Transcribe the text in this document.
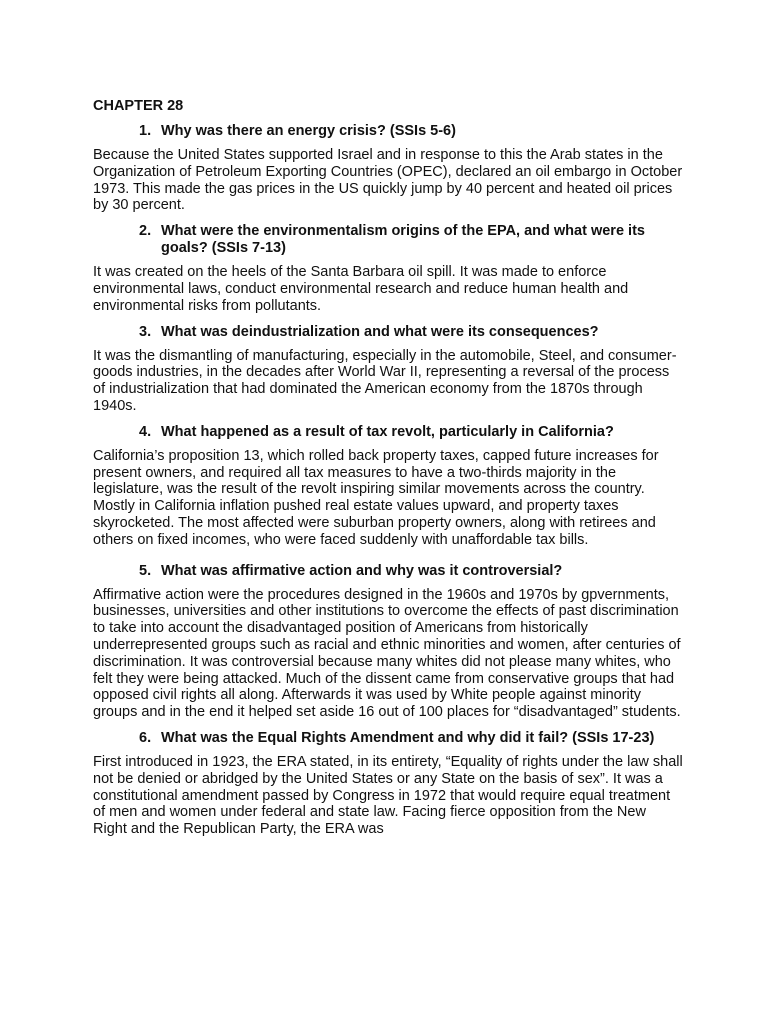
CHAPTER 28
1. Why was there an energy crisis? (SSIs 5-6)

Because the United States supported Israel and in response to this the Arab states in the Organization of Petroleum Exporting Countries (OPEC), declared an oil embargo in October 1973. This made the gas prices in the US quickly jump by 40 percent and heated oil prices by 30 percent.

2. What were the environmentalism origins of the EPA, and what were its goals? (SSIs 7-13)

It was created on the heels of the Santa Barbara oil spill. It was made to enforce environmental laws, conduct environmental research and reduce human health and environmental risks from pollutants.

3. What was deindustrialization and what were its consequences?

It was the dismantling of manufacturing, especially in the automobile, Steel, and consumer-goods industries, in the decades after World War II, representing a reversal of the process of industrialization that had dominated the American economy from the 1870s through 1940s.

4. What happened as a result of tax revolt, particularly in California?

California’s proposition 13, which rolled back property taxes, capped future increases for present owners, and required all tax measures to have a two-thirds majority in the legislature, was the result of the revolt inspiring similar movements across the country. Mostly in California inflation pushed real estate values upward, and property taxes skyrocketed. The most affected were suburban property owners, along with retirees and others on fixed incomes, who were faced suddenly with unaffordable tax bills.

5. What was affirmative action and why was it controversial?

Affirmative action were the procedures designed in the 1960s and 1970s by gpvernments, businesses, universities and other institutions to overcome the effects of past discrimination to take into account the disadvantaged position of Americans from historically underrepresented groups such as racial and ethnic minorities and women, after centuries of discrimination. It was controversial because many whites did not please many whites, who felt they were being attacked. Much of the dissent came from conservative groups that had opposed civil rights all along. Afterwards it was used by White people against minority groups and in the end it helped set aside 16 out of 100 places for “disadvantaged” students.

6. What was the Equal Rights Amendment and why did it fail? (SSIs 17-23)

First introduced in 1923, the ERA stated, in its entirety, “Equality of rights under the law shall not be denied or abridged by the United States or any State on the basis of sex”. It was a constitutional amendment passed by Congress in 1972 that would require equal treatment of men and women under federal and state law. Facing fierce opposition from the New Right and the Republican Party, the ERA was
